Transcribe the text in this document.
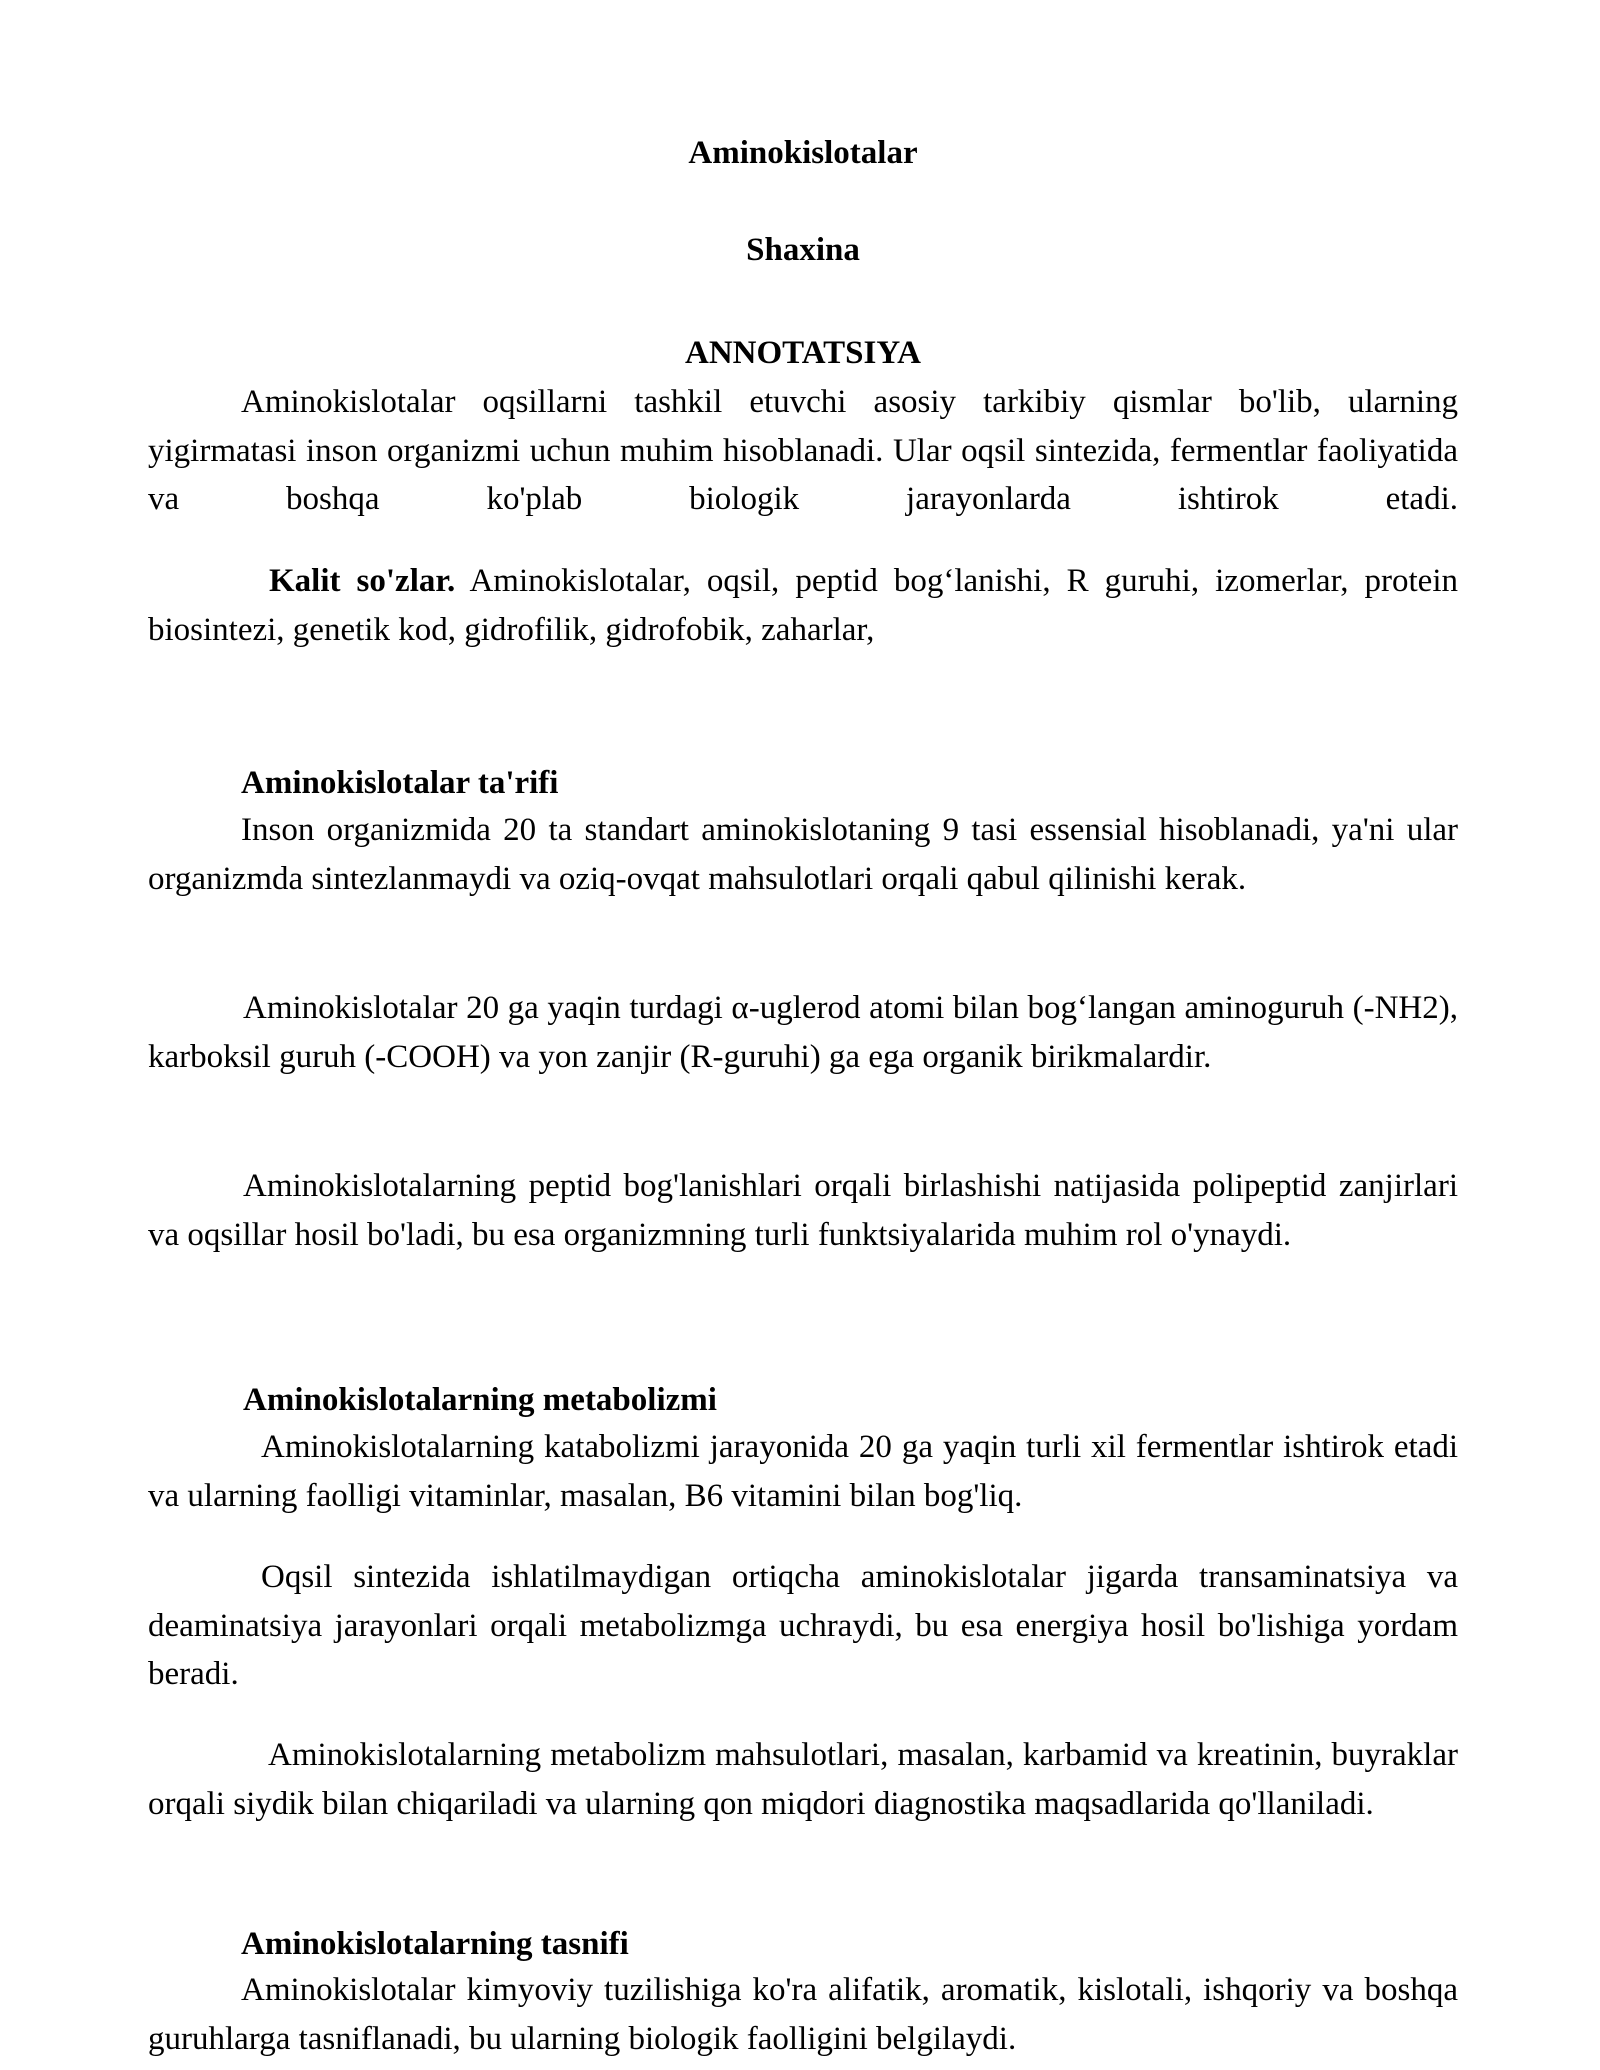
Aminokislotalar

Shaxina

ANNOTATSIYA

Aminokislotalar oqsillarni tashkil etuvchi asosiy tarkibiy qismlar bo'lib, ularning yigirmatasi inson organizmi uchun muhim hisoblanadi. Ular oqsil sintezida, fermentlar faoliyatida va boshqa ko'plab biologik jarayonlarda ishtirok etadi.

Kalit so'zlar. Aminokislotalar, oqsil, peptid bog‘lanishi, R guruhi, izomerlar, protein biosintezi, genetik kod, gidrofilik, gidrofobik, zaharlar,

Aminokislotalar ta'rifi

Inson organizmida 20 ta standart aminokislotaning 9 tasi essensial hisoblanadi, ya'ni ular organizmda sintezlanmaydi va oziq-ovqat mahsulotlari orqali qabul qilinishi kerak.

Aminokislotalar 20 ga yaqin turdagi α-uglerod atomi bilan bog‘langan aminoguruh (-NH2), karboksil guruh (-COOH) va yon zanjir (R-guruhi) ga ega organik birikmalardir.

Aminokislotalarning peptid bog'lanishlari orqali birlashishi natijasida polipeptid zanjirlari va oqsillar hosil bo'ladi, bu esa organizmning turli funktsiyalarida muhim rol o'ynaydi.

Aminokislotalarning metabolizmi

Aminokislotalarning katabolizmi jarayonida 20 ga yaqin turli xil fermentlar ishtirok etadi va ularning faolligi vitaminlar, masalan, B6 vitamini bilan bog'liq.

Oqsil sintezida ishlatilmaydigan ortiqcha aminokislotalar jigarda transaminatsiya va deaminatsiya jarayonlari orqali metabolizmga uchraydi, bu esa energiya hosil bo'lishiga yordam beradi.

Aminokislotalarning metabolizm mahsulotlari, masalan, karbamid va kreatinin, buyraklar orqali siydik bilan chiqariladi va ularning qon miqdori diagnostika maqsadlarida qo'llaniladi.

Aminokislotalarning tasnifi

Aminokislotalar kimyoviy tuzilishiga ko'ra alifatik, aromatik, kislotali, ishqoriy va boshqa guruhlarga tasniflanadi, bu ularning biologik faolligini belgilaydi.
